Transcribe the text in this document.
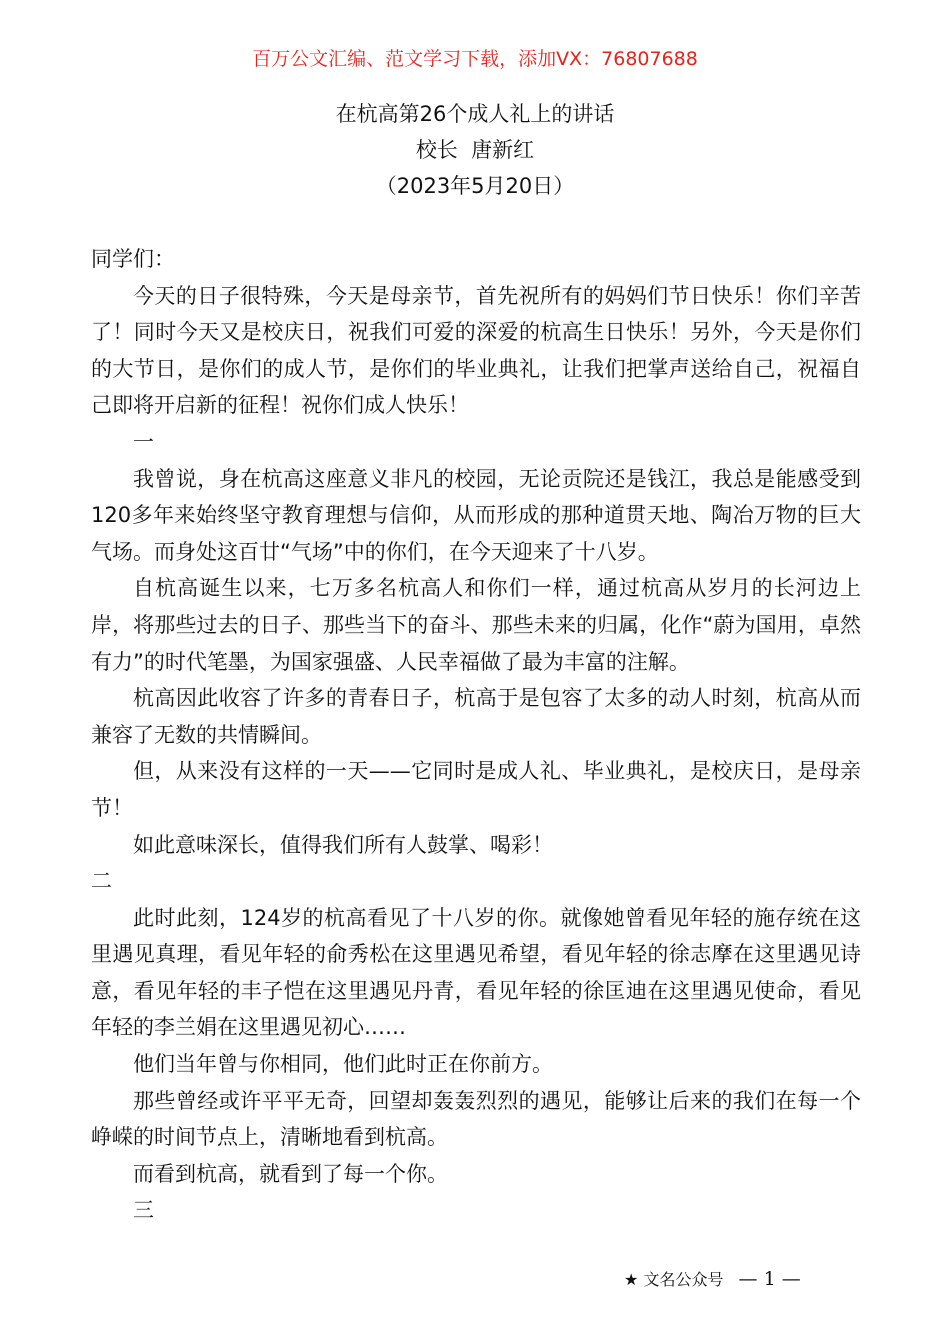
百万公文汇编、范文学习下载，添加VX：76807688
在杭高第26个成人礼上的讲话
校长  唐新红
（2023年5月20日）

同学们：

今天的日子很特殊，今天是母亲节，首先祝所有的妈妈们节日快乐！你们辛苦了！同时今天又是校庆日，祝我们可爱的深爱的杭高生日快乐！另外，今天是你们的大节日，是你们的成人节，是你们的毕业典礼，让我们把掌声送给自己，祝福自己即将开启新的征程！祝你们成人快乐！

一

我曾说，身在杭高这座意义非凡的校园，无论贡院还是钱江，我总是能感受到120多年来始终坚守教育理想与信仰，从而形成的那种道贯天地、陶冶万物的巨大气场。而身处这百廿“气场”中的你们，在今天迎来了十八岁。

自杭高诞生以来，七万多名杭高人和你们一样，通过杭高从岁月的长河边上岸，将那些过去的日子、那些当下的奋斗、那些未来的归属，化作“蔚为国用，卓然有力”的时代笔墨，为国家强盛、人民幸福做了最为丰富的注解。

杭高因此收容了许多的青春日子，杭高于是包容了太多的动人时刻，杭高从而兼容了无数的共情瞬间。

但，从来没有这样的一天——它同时是成人礼、毕业典礼，是校庆日，是母亲节！

如此意味深长，值得我们所有人鼓掌、喝彩！

二

此时此刻，124岁的杭高看见了十八岁的你。就像她曾看见年轻的施存统在这里遇见真理，看见年轻的俞秀松在这里遇见希望，看见年轻的徐志摩在这里遇见诗意，看见年轻的丰子恺在这里遇见丹青，看见年轻的徐匡迪在这里遇见使命，看见年轻的李兰娟在这里遇见初心……

他们当年曾与你相同，他们此时正在你前方。

那些曾经或许平平无奇，回望却轰轰烈烈的遇见，能够让后来的我们在每一个峥嵘的时间节点上，清晰地看到杭高。

而看到杭高，就看到了每一个你。

三

★ 文名公众号 — 1 —
